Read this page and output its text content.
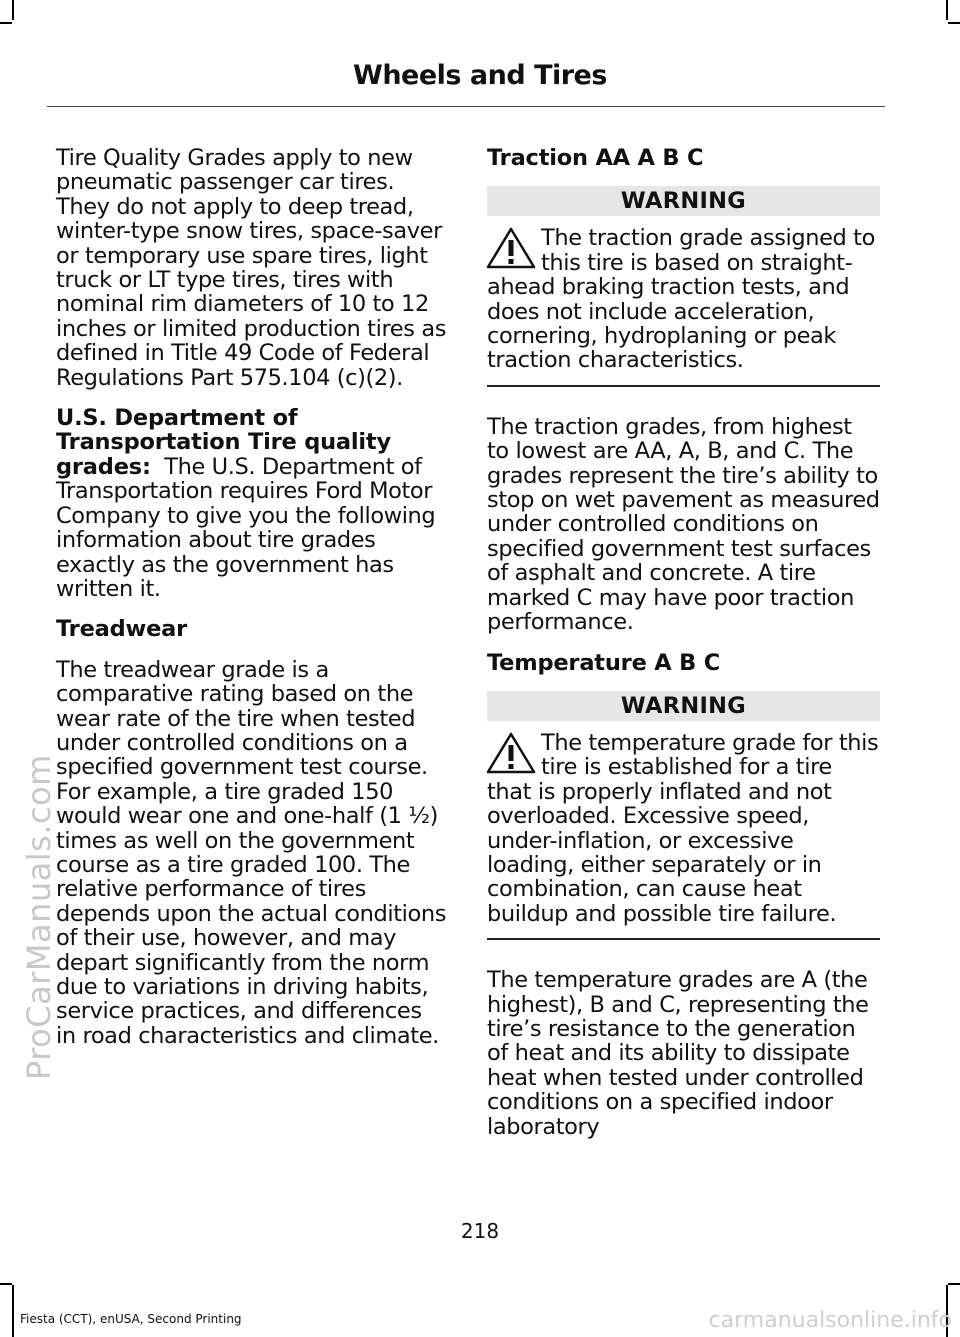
Wheels and Tires
ProCarManuals.com

Tire Quality Grades apply to new pneumatic passenger car tires. They do not apply to deep tread, winter-type snow tires, space-saver or temporary use spare tires, light truck or LT type tires, tires with nominal rim diameters of 10 to 12 inches or limited production tires as defined in Title 49 Code of Federal Regulations Part 575.104 (c)(2).

U.S. Department of Transportation Tire quality grades: The U.S. Department of Transportation requires Ford Motor Company to give you the following information about tire grades exactly as the government has written it.

Treadwear

The treadwear grade is a comparative rating based on the wear rate of the tire when tested under controlled conditions on a specified government test course. For example, a tire graded 150 would wear one and one-half (1 ½) times as well on the government course as a tire graded 100. The relative performance of tires depends upon the actual conditions of their use, however, and may depart significantly from the norm due to variations in driving habits, service practices, and differences in road characteristics and climate.

Traction AA A B C
WARNING
The traction grade assigned to this tire is based on straight-ahead braking traction tests, and does not include acceleration, cornering, hydroplaning or peak traction characteristics.

The traction grades, from highest to lowest are AA, A, B, and C. The grades represent the tire’s ability to stop on wet pavement as measured under controlled conditions on specified government test surfaces of asphalt and concrete. A tire marked C may have poor traction performance.

Temperature A B C
WARNING
The temperature grade for this tire is established for a tire that is properly inflated and not overloaded. Excessive speed, under-inflation, or excessive loading, either separately or in combination, can cause heat buildup and possible tire failure.

The temperature grades are A (the highest), B and C, representing the tire’s resistance to the generation of heat and its ability to dissipate heat when tested under controlled conditions on a specified indoor laboratory

218
Fiesta (CCT), enUSA, Second Printing	carmanualsonline.info
